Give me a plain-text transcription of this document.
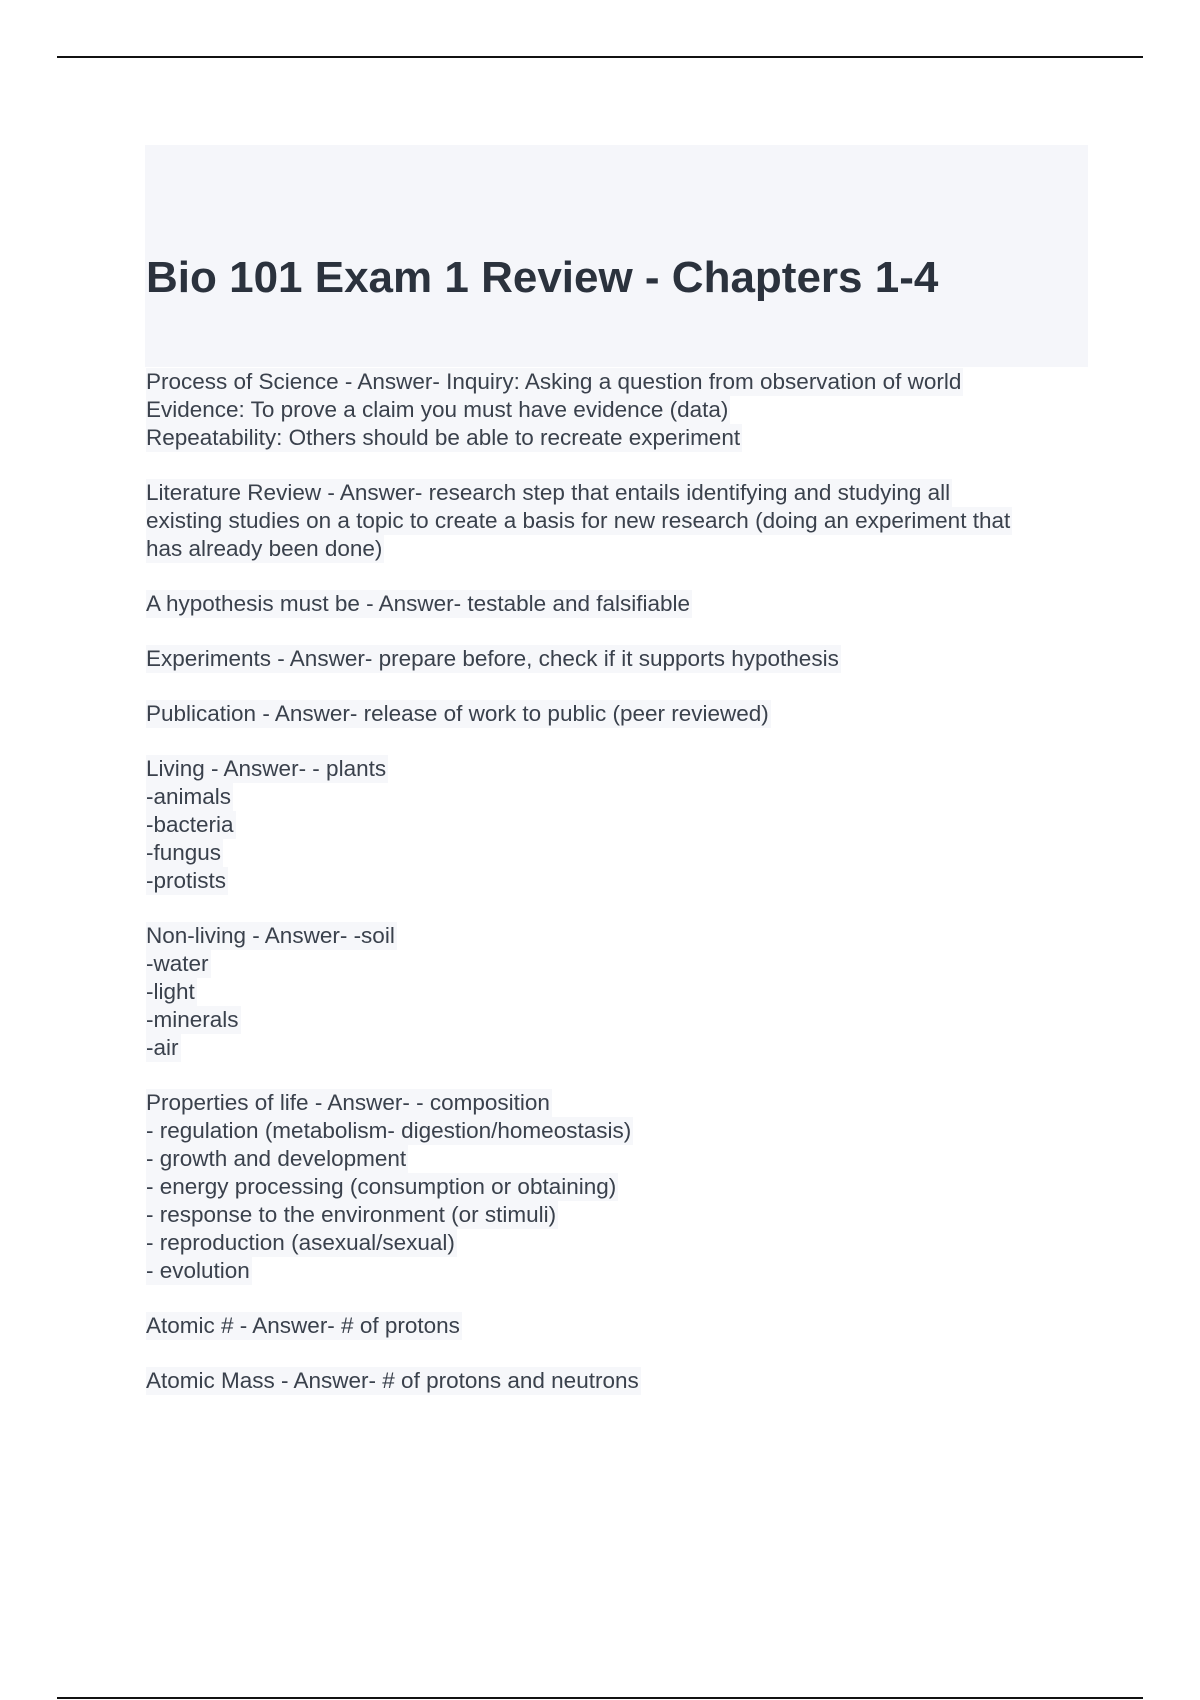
Bio 101 Exam 1 Review - Chapters 1-4
Process of Science - Answer- Inquiry: Asking a question from observation of world
Evidence: To prove a claim you must have evidence (data)
Repeatability: Others should be able to recreate experiment
Literature Review - Answer- research step that entails identifying and studying all
existing studies on a topic to create a basis for new research (doing an experiment that
has already been done)
A hypothesis must be - Answer- testable and falsifiable
Experiments - Answer- prepare before, check if it supports hypothesis
Publication - Answer- release of work to public (peer reviewed)
Living - Answer- - plants
-animals
-bacteria
-fungus
-protists
Non-living - Answer- -soil
-water
-light
-minerals
-air
Properties of life - Answer- - composition
- regulation (metabolism- digestion/homeostasis)
- growth and development
- energy processing (consumption or obtaining)
- response to the environment (or stimuli)
- reproduction (asexual/sexual)
- evolution
Atomic # - Answer- # of protons
Atomic Mass - Answer- # of protons and neutrons
